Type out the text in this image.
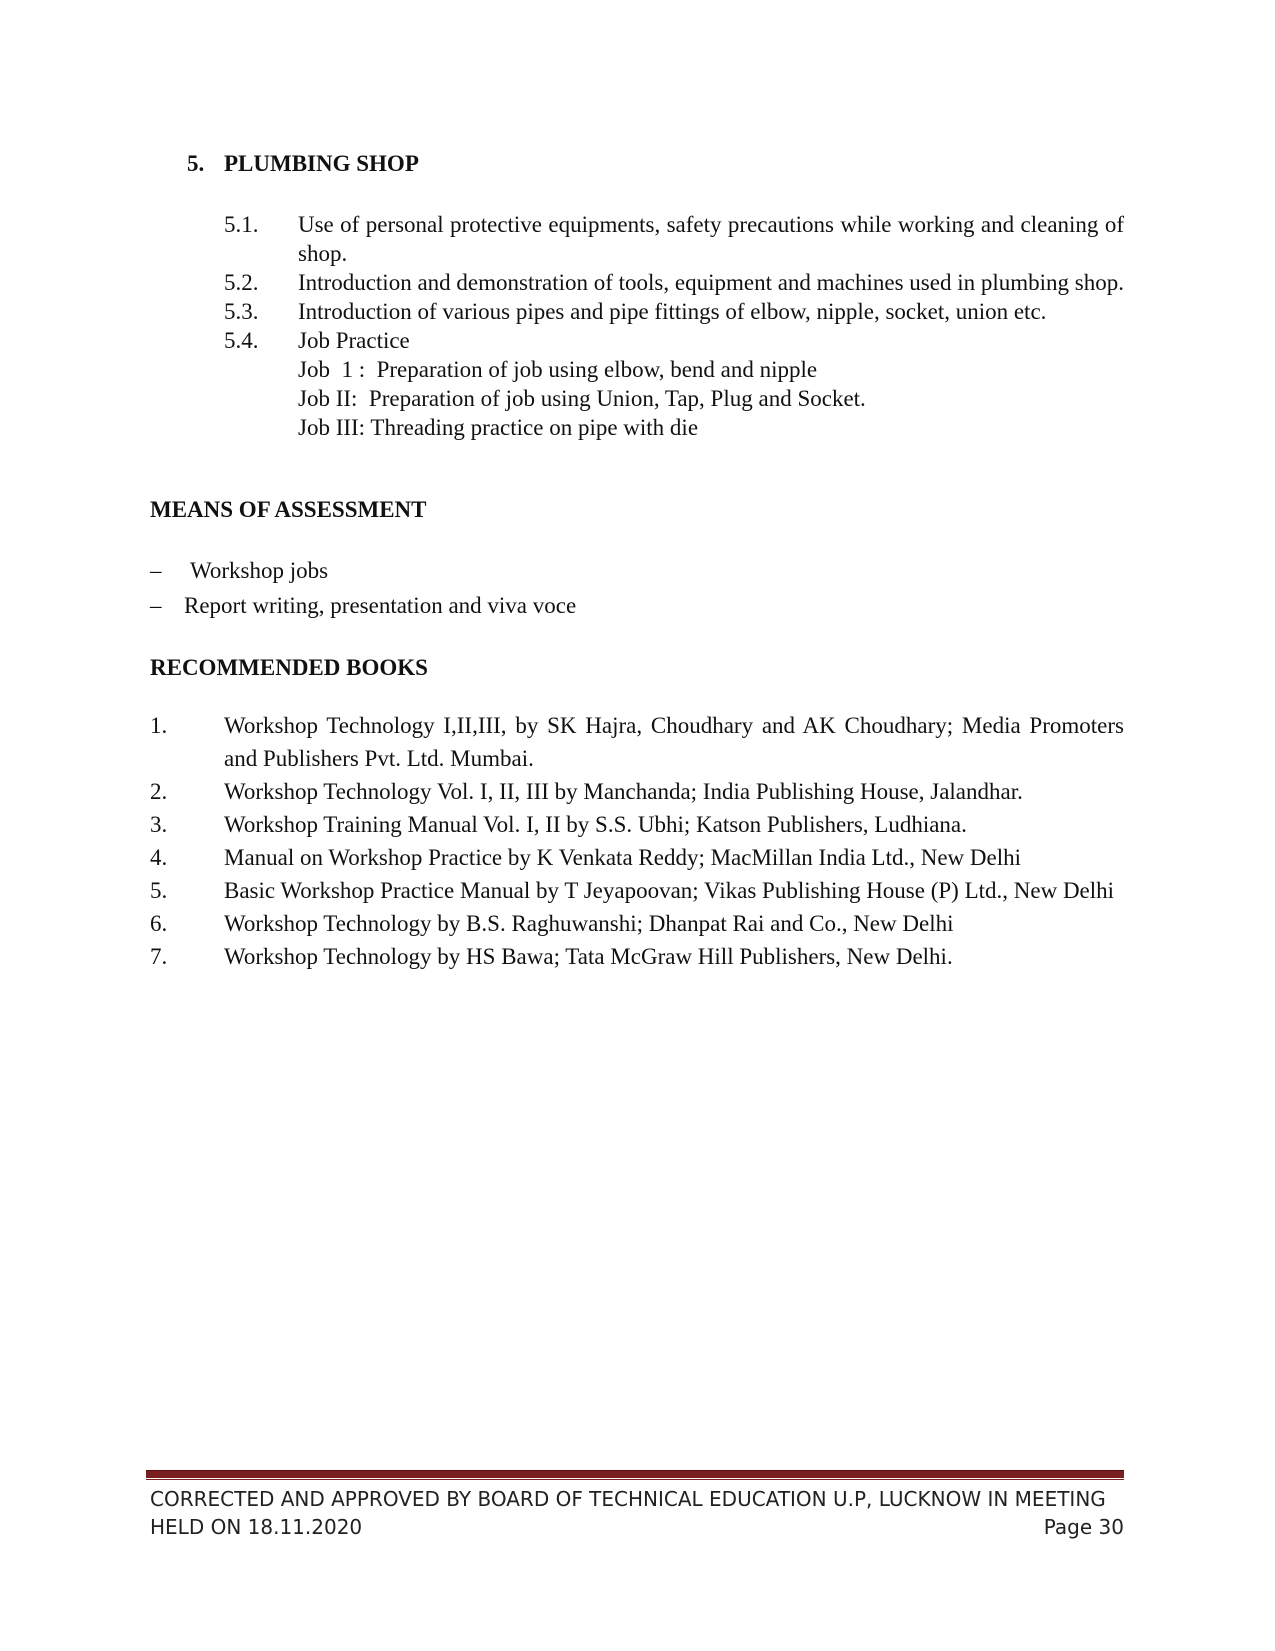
5. PLUMBING SHOP
5.1.	Use of personal protective equipments, safety precautions while working and cleaning of shop.
5.2.	Introduction and demonstration of tools, equipment and machines used in plumbing shop.
5.3.	Introduction of various pipes and pipe fittings of elbow, nipple, socket, union etc.
5.4.	Job Practice
Job  1 :  Preparation of job using elbow, bend and nipple
Job II:  Preparation of job using Union, Tap, Plug and Socket.
Job III: Threading practice on pipe with die
MEANS OF ASSESSMENT
–	Workshop jobs
– Report writing, presentation and viva voce
RECOMMENDED BOOKS
1.	Workshop Technology I,II,III, by SK Hajra, Choudhary and AK Choudhary; Media Promoters and Publishers Pvt. Ltd. Mumbai.
2.	Workshop Technology Vol. I, II, III by Manchanda; India Publishing House, Jalandhar.
3.	Workshop Training Manual Vol. I, II by S.S. Ubhi; Katson Publishers, Ludhiana.
4.	Manual on Workshop Practice by K Venkata Reddy; MacMillan India Ltd., New Delhi
5.	Basic Workshop Practice Manual by T Jeyapoovan; Vikas Publishing House (P) Ltd., New Delhi
6.	Workshop Technology by B.S. Raghuwanshi; Dhanpat Rai and Co., New Delhi
7.	Workshop Technology by HS Bawa; Tata McGraw Hill Publishers, New Delhi.
CORRECTED AND APPROVED BY BOARD OF TECHNICAL EDUCATION U.P, LUCKNOW IN MEETING
HELD ON 18.11.2020	Page 30
